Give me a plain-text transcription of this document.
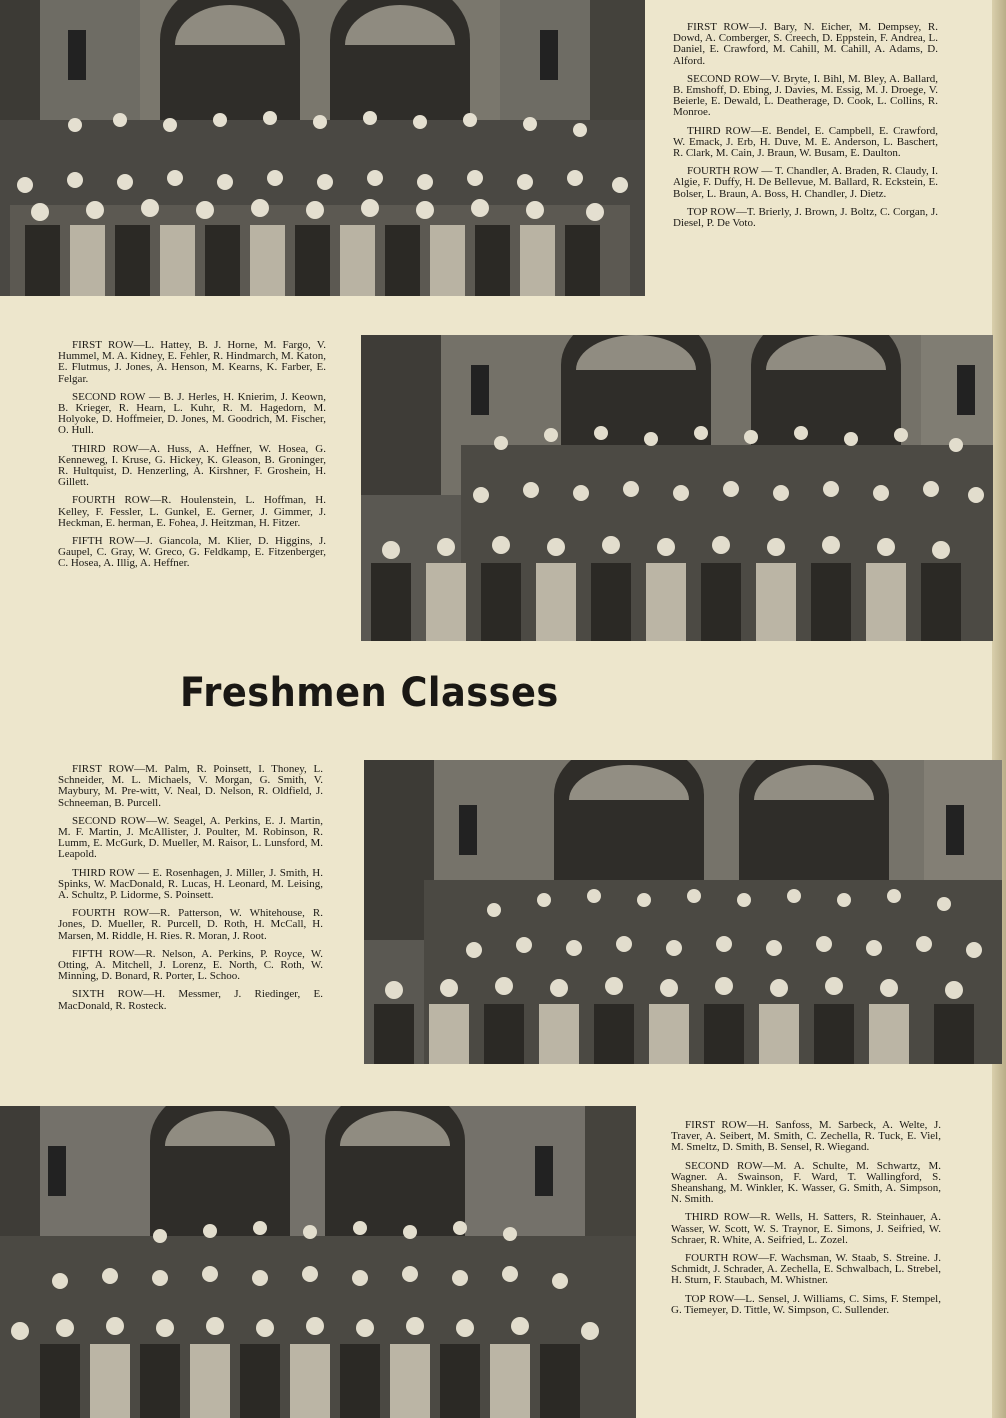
FIRST ROW—J. Bary, N. Eicher, M. Dempsey, R. Dowd, A. Comberger, S. Creech, D. Eppstein, F. Andrea, L. Daniel, E. Crawford, M. Cahill, M. Cahill, A. Adams, D. Alford.

SECOND ROW—V. Bryte, I. Bihl, M. Bley, A. Ballard, B. Emshoff, D. Ebing, J. Davies, M. Essig, M. J. Droege, V. Beierle, E. Dewald, L. Deatherage, D. Cook, L. Collins, R. Monroe.

THIRD ROW—E. Bendel, E. Campbell, E. Crawford, W. Emack, J. Erb, H. Duve, M. E. Anderson, L. Baschert, R. Clark, M. Cain, J. Braun, W. Busam, E. Daulton.

FOURTH ROW — T. Chandler, A. Braden, R. Claudy, I. Algie, F. Duffy, H. De Bellevue, M. Ballard, R. Eckstein, E. Bolser, L. Braun, A. Boss, H. Chandler, J. Dietz.

TOP ROW—T. Brierly, J. Brown, J. Boltz, C. Corgan, J. Diesel, P. De Voto.

FIRST ROW—L. Hattey, B. J. Horne, M. Fargo, V. Hummel, M. A. Kidney, E. Fehler, R. Hindmarch, M. Katon, E. Flutmus, J. Jones, A. Henson, M. Kearns, K. Farber, E. Felgar.

SECOND ROW — B. J. Herles, H. Knierim, J. Keown, B. Krieger, R. Hearn, L. Kuhr, R. M. Hagedorn, M. Holyoke, D. Hoffmeier, D. Jones, M. Goodrich, M. Fischer, O. Hull.

THIRD ROW—A. Huss, A. Heffner, W. Hosea, G. Kenneweg, I. Kruse, G. Hickey, K. Gleason, B. Groninger, R. Hultquist, D. Henzerling, A. Kirshner, F. Groshein, H. Gillett.

FOURTH ROW—R. Houlenstein, L. Hoffman, H. Kelley, F. Fessler, L. Gunkel, E. Gerner, J. Gimmer, J. Heckman, E. herman, E. Fohea, J. Heitzman, H. Fitzer.

FIFTH ROW—J. Giancola, M. Klier, D. Higgins, J. Gaupel, C. Gray, W. Greco, G. Feldkamp, E. Fitzenberger, C. Hosea, A. Illig, A. Heffner.

Freshmen Classes

FIRST ROW—M. Palm, R. Poinsett, I. Thoney, L. Schneider, M. L. Michaels, V. Morgan, G. Smith, V. Maybury, M. Pre-witt, V. Neal, D. Nelson, R. Oldfield, J. Schneeman, B. Purcell.

SECOND ROW—W. Seagel, A. Perkins, E. J. Martin, M. F. Martin, J. McAllister, J. Poulter, M. Robinson, R. Lumm, E. McGurk, D. Mueller, M. Raisor, L. Lunsford, M. Leapold.

THIRD ROW — E. Rosenhagen, J. Miller, J. Smith, H. Spinks, W. MacDonald, R. Lucas, H. Leonard, M. Leising, A. Schultz, P. Lidorme, S. Poinsett.

FOURTH ROW—R. Patterson, W. Whitehouse, R. Jones, D. Mueller, R. Purcell, D. Roth, H. McCall, H. Marsen, M. Riddle, H. Ries. R. Moran, J. Root.

FIFTH ROW—R. Nelson, A. Perkins, P. Royce, W. Otting, A. Mitchell, J. Lorenz, E. North, C. Roth, W. Minning, D. Bonard, R. Porter, L. Schoo.

SIXTH ROW—H. Messmer, J. Riedinger, E. MacDonald, R. Rosteck.

FIRST ROW—H. Sanfoss, M. Sarbeck, A. Welte, J. Traver, A. Seibert, M. Smith, C. Zechella, R. Tuck, E. Viel, M. Smeltz, D. Smith, B. Sensel, R. Wiegand.

SECOND ROW—M. A. Schulte, M. Schwartz, M. Wagner. A. Swainson, F. Ward, T. Wallingford, S. Sheanshang, M. Winkler, K. Wasser, G. Smith, A. Simpson, N. Smith.

THIRD ROW—R. Wells, H. Satters, R. Steinhauer, A. Wasser, W. Scott, W. S. Traynor, E. Simons, J. Seifried, W. Schraer, R. White, A. Seifried, L. Zozel.

FOURTH ROW—F. Wachsman, W. Staab, S. Streine. J. Schmidt, J. Schrader, A. Zechella, E. Schwalbach, L. Strebel, H. Sturn, F. Staubach, M. Whistner.

TOP ROW—L. Sensel, J. Williams, C. Sims, F. Stempel, G. Tiemeyer, D. Tittle, W. Simpson, C. Sullender.
